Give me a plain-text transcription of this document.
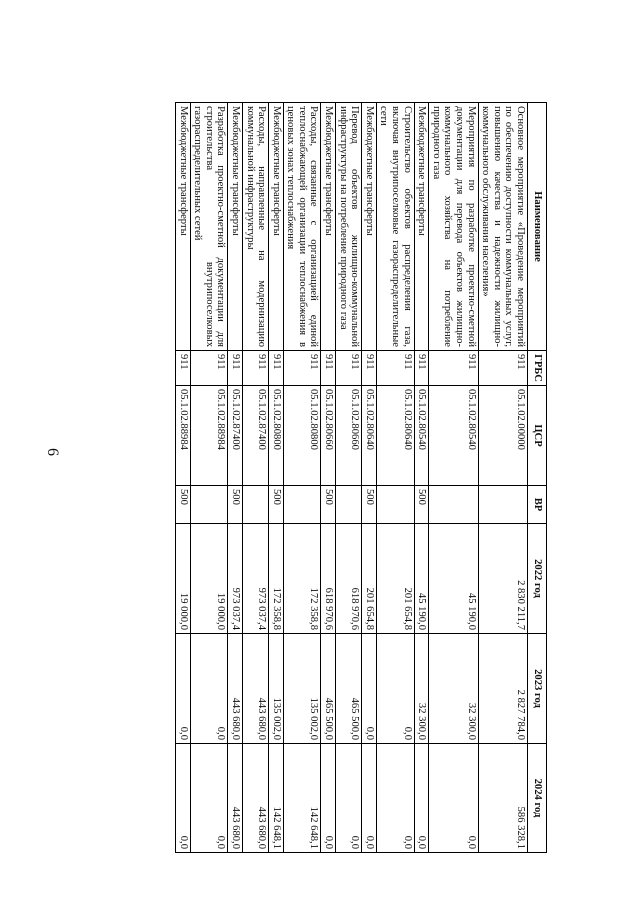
6
Наименование	ГРБС	ЦСР	ВР	2022 год	2023 год	2024 год
Основное мероприятие «Проведение мероприятий по обеспечению доступности коммунальных услуг, повышению качества и надежности жилищно-коммунального обслуживания населения»	911	05.1.02.00000		2 830 211,7	2 827 784,0	586 328,1
Мероприятия по разработке проектно-сметной документации для перевода объектов жилищно-коммунального хозяйства на потребление природного газа	911	05.1.02.80540		45 190,0	32 300,0	0,0
Межбюджетные трансферты	911	05.1.02.80540	500	45 190,0	32 300,0	0,0
Строительство объектов распределения газа, включая внутрипоселковые газораспределительные сети	911	05.1.02.80640		201 654,8	0,0	0,0
Межбюджетные трансферты	911	05.1.02.80640	500	201 654,8	0,0	0,0
Перевод объектов жилищно-коммунальной инфраструктуры на потребление природного газа	911	05.1.02.80660		618 970,6	465 500,0	0,0
Межбюджетные трансферты	911	05.1.02.80660	500	618 970,6	465 500,0	0,0
Расходы, связанные с организацией единой теплоснабжающей организации теплоснабжения в ценовых зонах теплоснабжения	911	05.1.02.80800		172 358,8	135 002,0	142 648,1
Межбюджетные трансферты	911	05.1.02.80800	500	172 358,8	135 002,0	142 648,1
Расходы, направленные на модернизацию коммунальной инфраструктуры	911	05.1.02.87400		973 037,4	443 680,0	443 680,0
Межбюджетные трансферты	911	05.1.02.87400	500	973 037,4	443 680,0	443 680,0
Разработка проектно-сметной документации для строительства внутрипоселковых газораспределительных сетей	911	05.1.02.88984		19 000,0	0,0	0,0
Межбюджетные трансферты	911	05.1.02.88984	500	19 000,0	0,0	0,0
